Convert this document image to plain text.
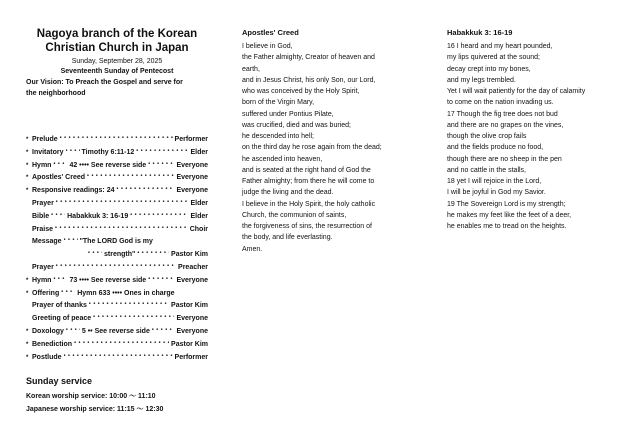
Nagoya branch of the Korean
Christian Church in Japan
Sunday, September 28, 2025
Seventeenth Sunday of Pentecost
Our Vision: To Preach the Gospel and serve for
the neighborhood
* Prelude • • •	Performer
* Invitatory • • •	Timothy 6:11-12 • • •	Elder
* Hymn • • •	42 •••• See reverse side • • •	Everyone
* Apostles' Creed • • •	Everyone
* Responsive readings: 24 • • •	Everyone
Prayer • • •	Elder
Bible • • •	Habakkuk 3: 16-19 • • •	Elder
Praise • • •	Choir
Message • • •	"The LORD God is my
• • •
strength" • • •	Pastor Kim
Prayer • • •	Preacher
* Hymn • • •	73 •••• See reverse side • • •	Everyone
* Offering • • •	Hymn 633 •••• Ones in charge
Prayer of thanks • • •	Pastor Kim
Greeting of peace • • •	Everyone
* Doxology • • •	5 •• See reverse side • • •	Everyone
* Benediction • • •	Pastor Kim
* Postlude • • •	Performer
Sunday service
Korean worship service: 10:00 ～ 11:10
Japanese worship service: 11:15 ～ 12:30
Apostles' Creed
I believe in God,
the Father almighty, Creator of heaven and
earth,
and in Jesus Christ, his only Son, our Lord,
who was conceived by the Holy Spirit,
born of the Virgin Mary,
suffered under Pontius Pilate,
was crucified, died and was buried;
he descended into hell;
on the third day he rose again from the dead;
he ascended into heaven,
and is seated at the right hand of God the
Father almighty; from there he will come to
judge the living and the dead.
I believe in the Holy Spirit, the holy catholic
Church, the communion of saints,
the forgiveness of sins, the resurrection of
the body, and life everlasting.
Amen.
Habakkuk 3: 16-19
16 I heard and my heart pounded,
my lips quivered at the sound;
decay crept into my bones,
and my legs trembled.
Yet I will wait patiently for the day of calamity
to come on the nation invading us.
17 Though the fig tree does not bud
and there are no grapes on the vines,
though the olive crop fails
and the fields produce no food,
though there are no sheep in the pen
and no cattle in the stalls,
18 yet I will rejoice in the Lord,
I will be joyful in God my Savior.
19 The Sovereign Lord is my strength;
he makes my feet like the feet of a deer,
he enables me to tread on the heights.
